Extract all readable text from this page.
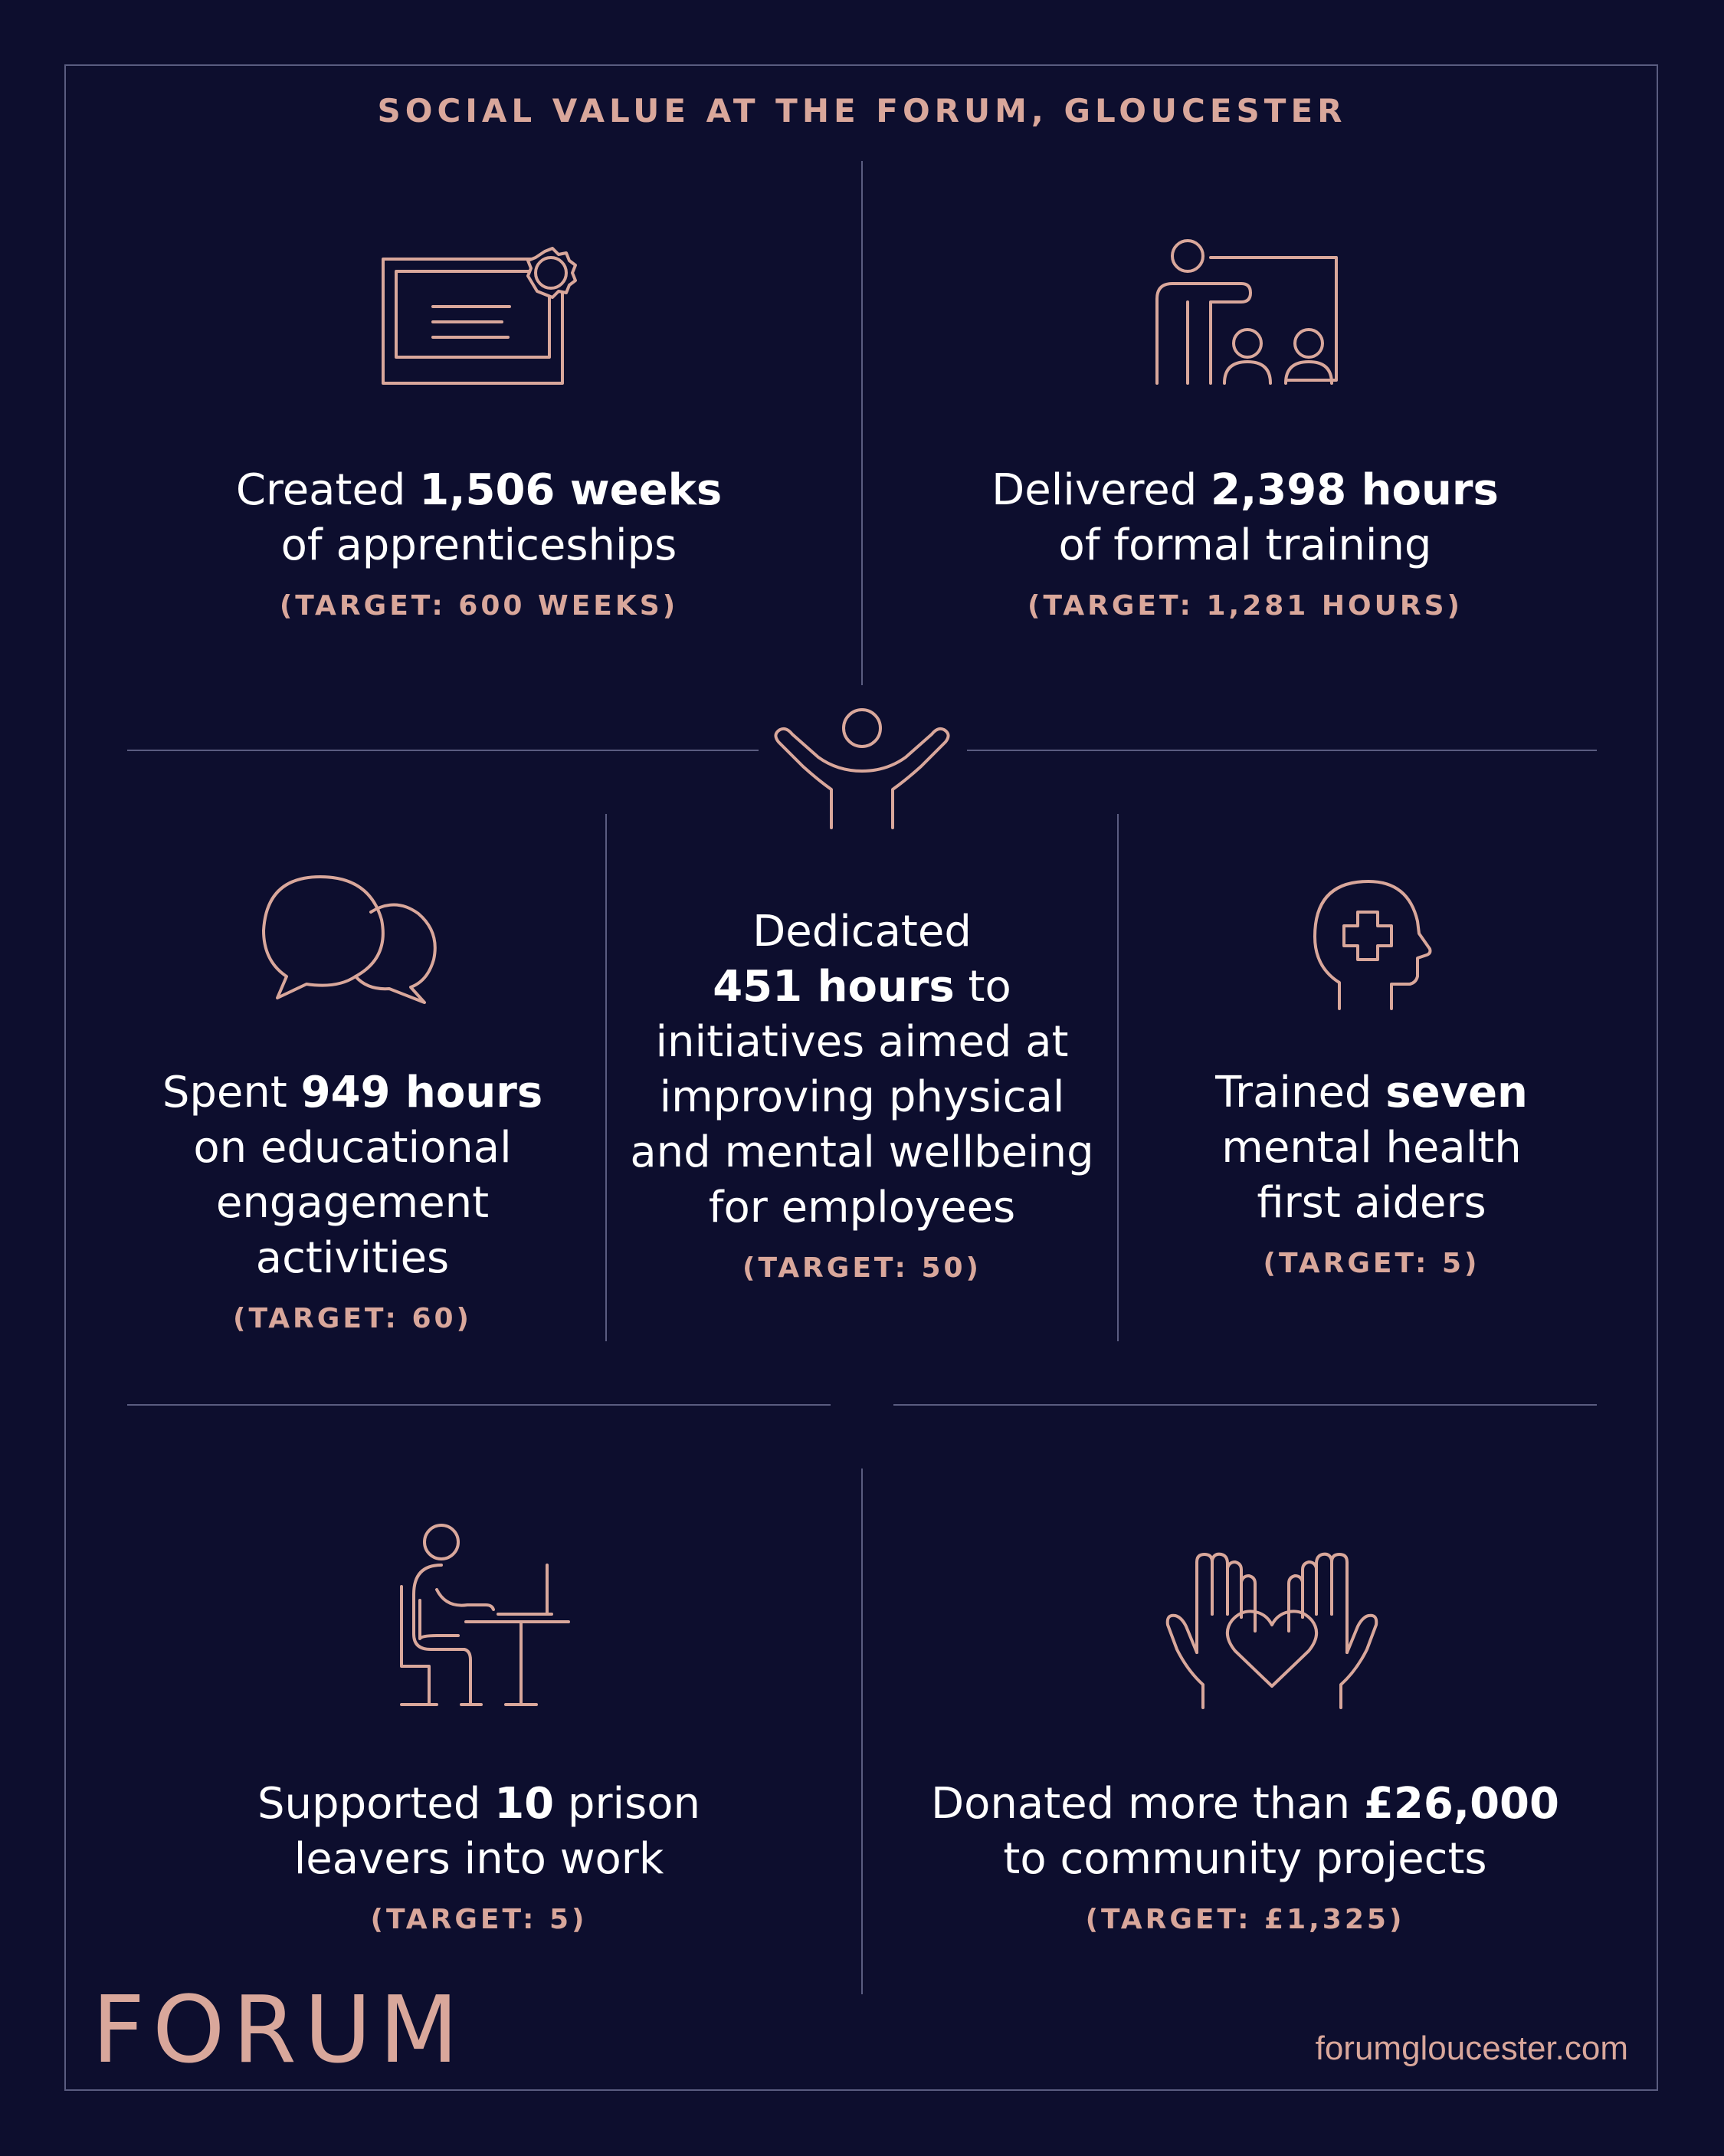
SOCIAL VALUE AT THE FORUM, GLOUCESTER

Created 1,506 weeks

of apprenticeships

(TARGET: 600 WEEKS)

Delivered 2,398 hours

of formal training

(TARGET: 1,281 HOURS)

Spent 949 hours

on educational

engagement activities

(TARGET: 60)

Dedicated

451 hours to

initiatives aimed at

improving physical

and mental wellbeing

for employees

(TARGET: 50)

Trained seven

mental health

first aiders

(TARGET: 5)

Supported 10 prison

leavers into work

(TARGET: 5)

Donated more than £26,000

to community projects

(TARGET: £1,325)
FORUM	forumgloucester.com
